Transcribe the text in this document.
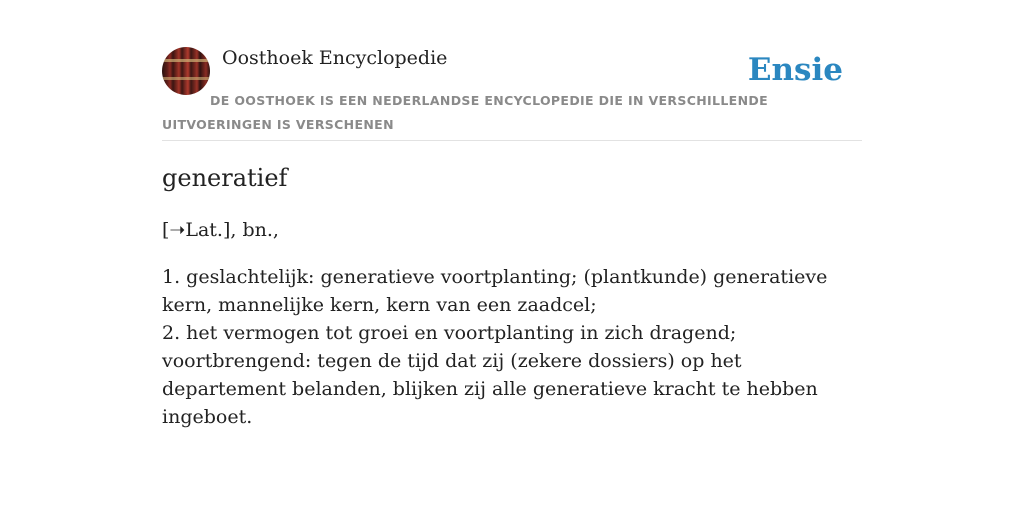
Oosthoek Encyclopedie	Ensie
DE OOSTHOEK IS EEN NEDERLANDSE ENCYCLOPEDIE DIE IN VERSCHILLENDE UITVOERINGEN IS VERSCHENEN
generatief
[➝Lat.], bn.,
1. geslachtelijk: generatieve voortplanting; (plantkunde) generatieve kern, mannelijke kern, kern van een zaadcel;
2. het vermogen tot groei en voortplanting in zich dragend; voortbrengend: tegen de tijd dat zij (zekere dossiers) op het departement belanden, blijken zij alle generatieve kracht te hebben ingeboet.
